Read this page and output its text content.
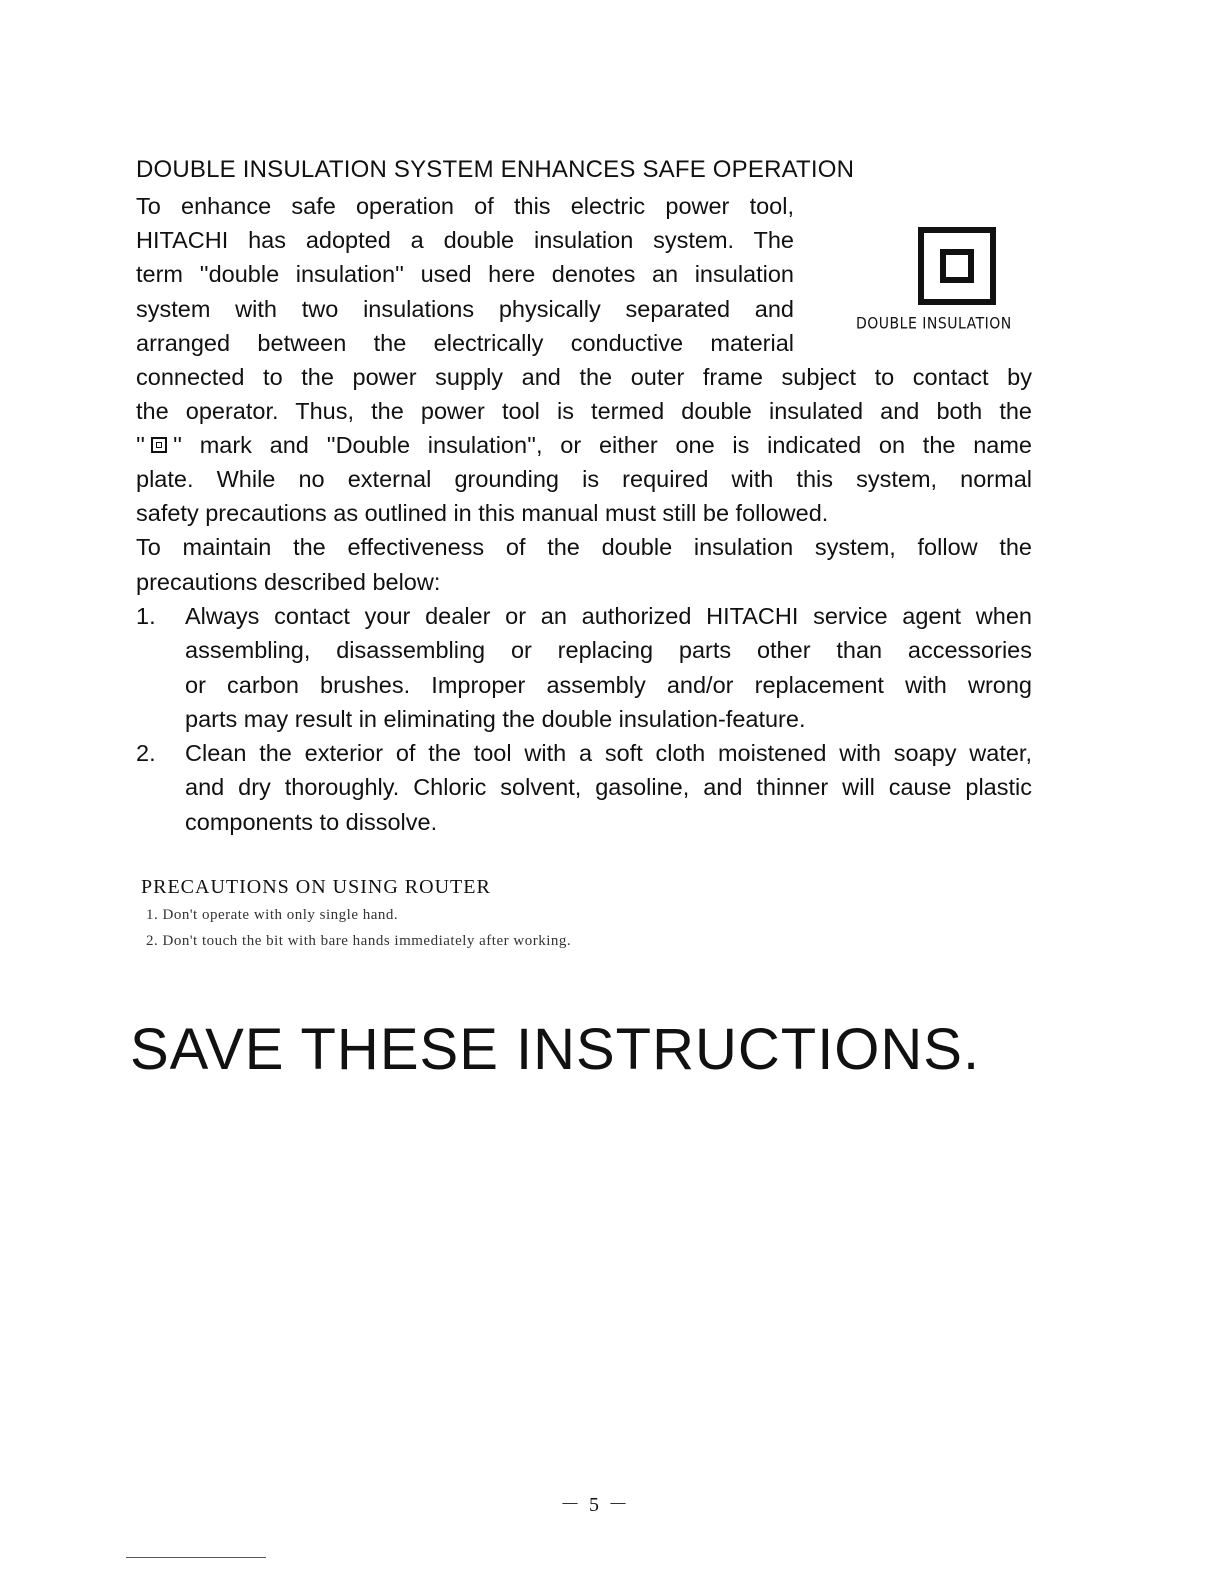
DOUBLE INSULATION SYSTEM ENHANCES SAFE OPERATION
DOUBLE INSULATION
To enhance safe operation of this electric power tool,
HITACHI has adopted a double insulation system. The
term ''double insulation'' used here denotes an insulation
system with two insulations physically separated and
arranged between the electrically conductive material
connected to the power supply and the outer frame subject to contact by
the operator. Thus, the power tool is termed double insulated and both the
'' '' mark and ''Double insulation'', or either one is indicated on the name
plate. While no external grounding is required with this system, normal
safety precautions as outlined in this manual must still be followed.
To maintain the effectiveness of the double insulation system, follow the
precautions described below:
1. Always contact your dealer or an authorized HITACHI service agent when
assembling, disassembling or replacing parts other than accessories
or carbon brushes. Improper assembly and/or replacement with wrong
parts may result in eliminating the double insulation-feature.
2. Clean the exterior of the tool with a soft cloth moistened with soapy water,
and dry thoroughly. Chloric solvent, gasoline, and thinner will cause plastic
components to dissolve.
PRECAUTIONS ON USING ROUTER
1. Don't operate with only single hand.
2. Don't touch the bit with bare hands immediately after working.
SAVE THESE INSTRUCTIONS.
－ 5 －
